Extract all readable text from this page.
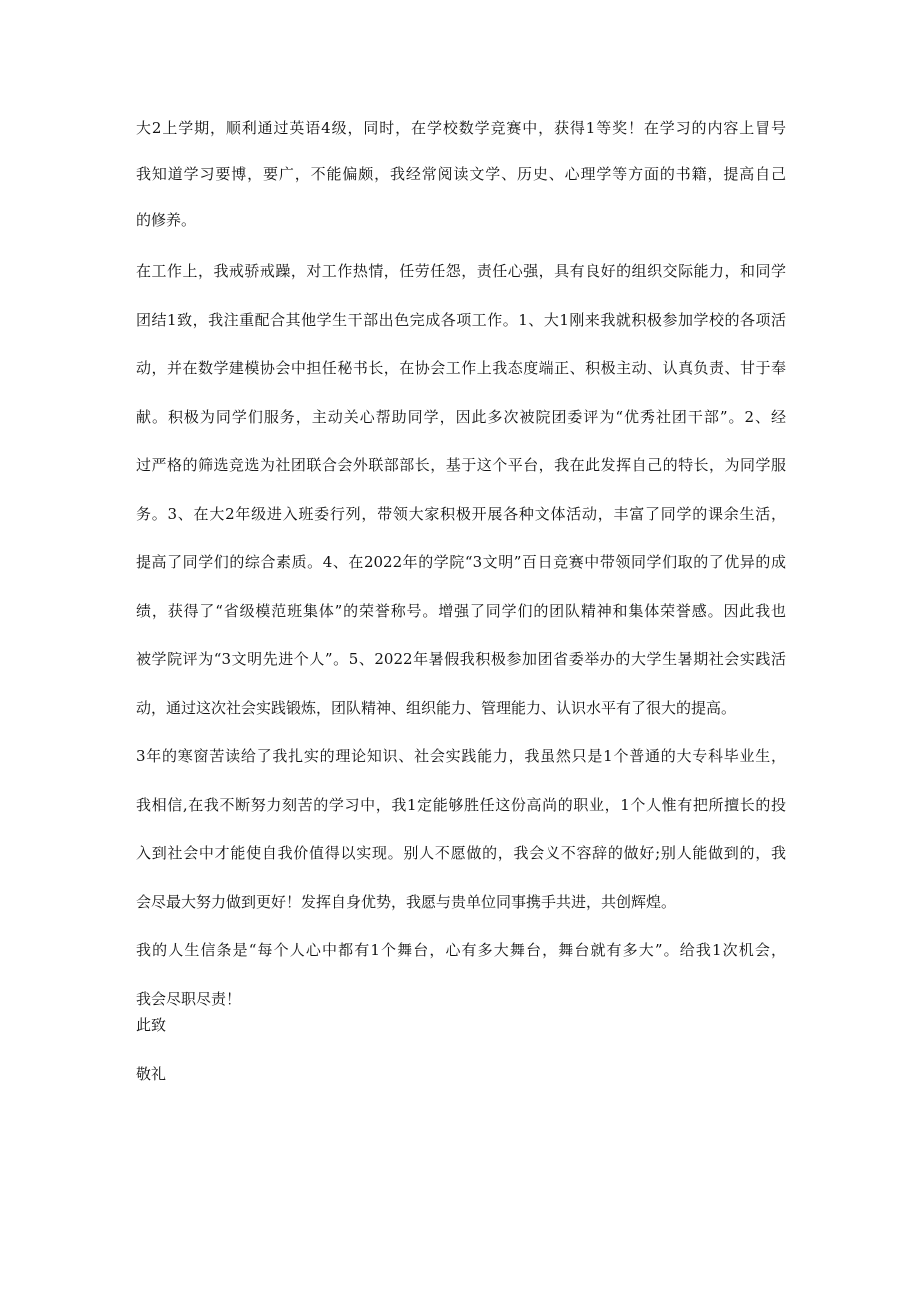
大2上学期，顺利通过英语4级，同时，在学校数学竞赛中，获得1等奖！在学习的内容上冒号
我知道学习要博，要广，不能偏颇，我经常阅读文学、历史、心理学等方面的书籍，提高自己
的修养。
在工作上，我戒骄戒躁，对工作热情，任劳任怨，责任心强，具有良好的组织交际能力，和同学
团结1致，我注重配合其他学生干部出色完成各项工作。1、大1刚来我就积极参加学校的各项活
动，并在数学建模协会中担任秘书长，在协会工作上我态度端正、积极主动、认真负责、甘于奉
献。积极为同学们服务，主动关心帮助同学，因此多次被院团委评为“优秀社团干部”。2、经
过严格的筛选竞选为社团联合会外联部部长，基于这个平台，我在此发挥自己的特长，为同学服
务。3、在大2年级进入班委行列，带领大家积极开展各种文体活动，丰富了同学的课余生活，
提高了同学们的综合素质。4、在2022年的学院“3文明”百日竞赛中带领同学们取的了优异的成
绩，获得了“省级模范班集体”的荣誉称号。增强了同学们的团队精神和集体荣誉感。因此我也
被学院评为“3文明先进个人”。5、2022年暑假我积极参加团省委举办的大学生暑期社会实践活
动，通过这次社会实践锻炼，团队精神、组织能力、管理能力、认识水平有了很大的提高。
3年的寒窗苦读给了我扎实的理论知识、社会实践能力，我虽然只是1个普通的大专科毕业生，
我相信,在我不断努力刻苦的学习中，我1定能够胜任这份高尚的职业，1个人惟有把所擅长的投
入到社会中才能使自我价值得以实现。别人不愿做的，我会义不容辞的做好;别人能做到的，我
会尽最大努力做到更好！发挥自身优势，我愿与贵单位同事携手共进，共创辉煌。
我的人生信条是“每个人心中都有1个舞台，心有多大舞台，舞台就有多大”。给我1次机会，
我会尽职尽责！
此致
敬礼
